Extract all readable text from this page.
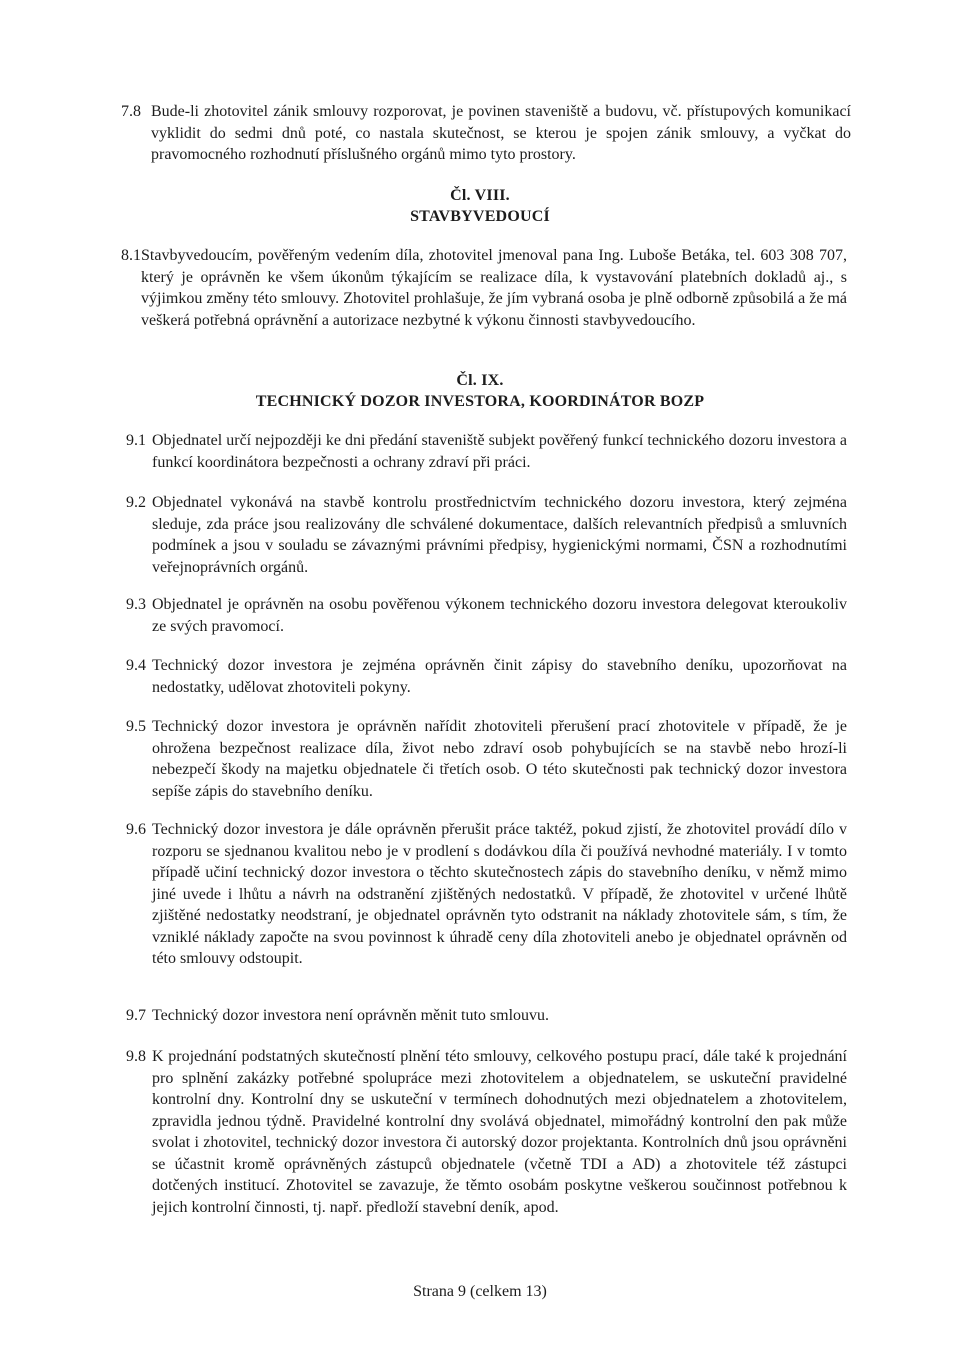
7.8 Bude-li zhotovitel zánik smlouvy rozporovat, je povinen staveniště a budovu, vč. přístupových komunikací vyklidit do sedmi dnů poté, co nastala skutečnost, se kterou je spojen zánik smlouvy, a vyčkat do pravomocného rozhodnutí příslušného orgánů mimo tyto prostory.
Čl. VIII.
STAVBYVEDOUCÍ
8.1 Stavbyvedoucím, pověřeným vedením díla, zhotovitel jmenoval pana Ing. Luboše Betáka, tel. 603 308 707, který je oprávněn ke všem úkonům týkajícím se realizace díla, k vystavování platebních dokladů aj., s výjimkou změny této smlouvy. Zhotovitel prohlašuje, že jím vybraná osoba je plně odborně způsobilá a že má veškerá potřebná oprávnění a autorizace nezbytné k výkonu činnosti stavbyvedoucího.
Čl. IX.
TECHNICKÝ DOZOR INVESTORA, KOORDINÁTOR BOZP
9.1 Objednatel určí nejpozději ke dni předání staveniště subjekt pověřený funkcí technického dozoru investora a funkcí koordinátora bezpečnosti a ochrany zdraví při práci.
9.2 Objednatel vykonává na stavbě kontrolu prostřednictvím technického dozoru investora, který zejména sleduje, zda práce jsou realizovány dle schválené dokumentace, dalších relevantních předpisů a smluvních podmínek a jsou v souladu se závaznými právními předpisy, hygienickými normami, ČSN a rozhodnutími veřejnoprávních orgánů.
9.3 Objednatel je oprávněn na osobu pověřenou výkonem technického dozoru investora delegovat kteroukoliv ze svých pravomocí.
9.4 Technický dozor investora je zejména oprávněn činit zápisy do stavebního deníku, upozorňovat na nedostatky, udělovat zhotoviteli pokyny.
9.5 Technický dozor investora je oprávněn nařídit zhotoviteli přerušení prací zhotovitele v případě, že je ohrožena bezpečnost realizace díla, život nebo zdraví osob pohybujících se na stavbě nebo hrozí-li nebezpečí škody na majetku objednatele či třetích osob. O této skutečnosti pak technický dozor investora sepíše zápis do stavebního deníku.
9.6 Technický dozor investora je dále oprávněn přerušit práce taktéž, pokud zjistí, že zhotovitel provádí dílo v rozporu se sjednanou kvalitou nebo je v prodlení s dodávkou díla či používá nevhodné materiály. I v tomto případě učiní technický dozor investora o těchto skutečnostech zápis do stavebního deníku, v němž mimo jiné uvede i lhůtu a návrh na odstranění zjištěných nedostatků. V případě, že zhotovitel v určené lhůtě zjištěné nedostatky neodstraní, je objednatel oprávněn tyto odstranit na náklady zhotovitele sám, s tím, že vzniklé náklady započte na svou povinnost k úhradě ceny díla zhotoviteli anebo je objednatel oprávněn od této smlouvy odstoupit.
9.7 Technický dozor investora není oprávněn měnit tuto smlouvu.
9.8 K projednání podstatných skutečností plnění této smlouvy, celkového postupu prací, dále také k projednání pro splnění zakázky potřebné spolupráce mezi zhotovitelem a objednatelem, se uskuteční pravidelné kontrolní dny. Kontrolní dny se uskuteční v termínech dohodnutých mezi objednatelem a zhotovitelem, zpravidla jednou týdně. Pravidelné kontrolní dny svolává objednatel, mimořádný kontrolní den pak může svolat i zhotovitel, technický dozor investora či autorský dozor projektanta. Kontrolních dnů jsou oprávněni se účastnit kromě oprávněných zástupců objednatele (včetně TDI a AD) a zhotovitele též zástupci dotčených institucí. Zhotovitel se zavazuje, že těmto osobám poskytne veškerou součinnost potřebnou k jejich kontrolní činnosti, tj. např. předloží stavební deník, apod.
Strana 9 (celkem 13)
